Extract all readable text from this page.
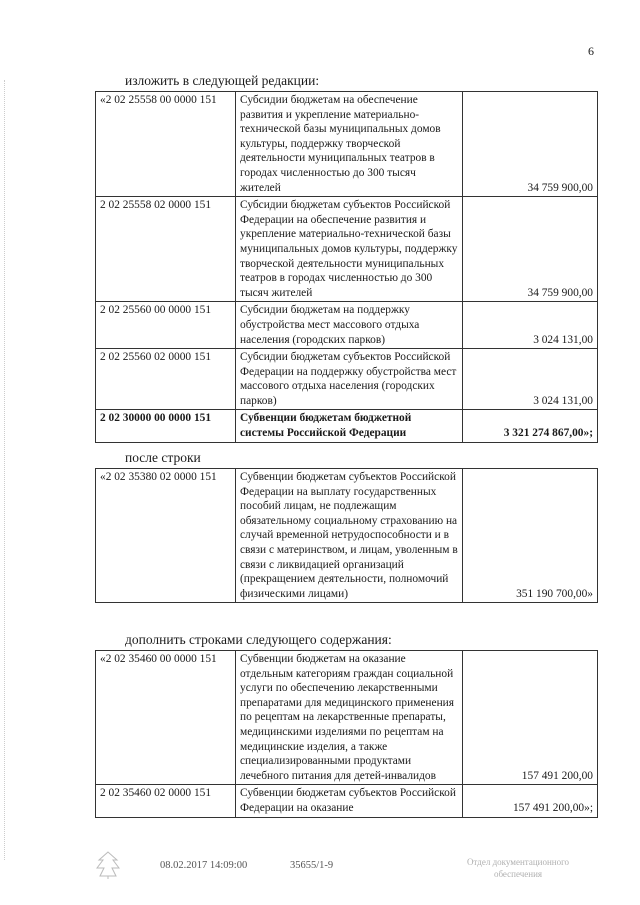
6
изложить в следующей редакции:
«2 02 25558 00 0000 151	Субсидии бюджетам на обеспечение развития и укрепление материально-технической базы муниципальных домов культуры, поддержку творческой деятельности муниципальных театров в городах численностью до 300 тысяч жителей	34 759 900,00
2 02 25558 02 0000 151	Субсидии бюджетам субъектов Российской Федерации на обеспечение развития и укрепление материально-технической базы муниципальных домов культуры, поддержку творческой деятельности муниципальных театров в городах численностью до 300 тысяч жителей	34 759 900,00
2 02 25560 00 0000 151	Субсидии бюджетам на поддержку обустройства мест массового отдыха населения (городских парков)	3 024 131,00
2 02 25560 02 0000 151	Субсидии бюджетам субъектов Российской Федерации на поддержку обустройства мест массового отдыха населения (городских парков)	3 024 131,00
2 02 30000 00 0000 151	Субвенции бюджетам бюджетной системы Российской Федерации	3 321 274 867,00»;
после строки
«2 02 35380 02 0000 151	Субвенции бюджетам субъектов Российской Федерации на выплату государственных пособий лицам, не подлежащим обязательному социальному страхованию на случай временной нетрудоспособности и в связи с материнством, и лицам, уволенным в связи с ликвидацией организаций (прекращением деятельности, полномочий физическими лицами)	351 190 700,00»
дополнить строками следующего содержания:
«2 02 35460 00 0000 151	Субвенции бюджетам на оказание отдельным категориям граждан социальной услуги по обеспечению лекарственными препаратами для медицинского применения по рецептам на лекарственные препараты, медицинскими изделиями по рецептам на медицинские изделия, а также специализированными продуктами лечебного питания для детей-инвалидов	157 491 200,00
2 02 35460 02 0000 151	Субвенции бюджетам субъектов Российской Федерации на оказание	157 491 200,00»;
08.02.2017 14:09:00	35655/1-9	Отдел документационного обеспечения
